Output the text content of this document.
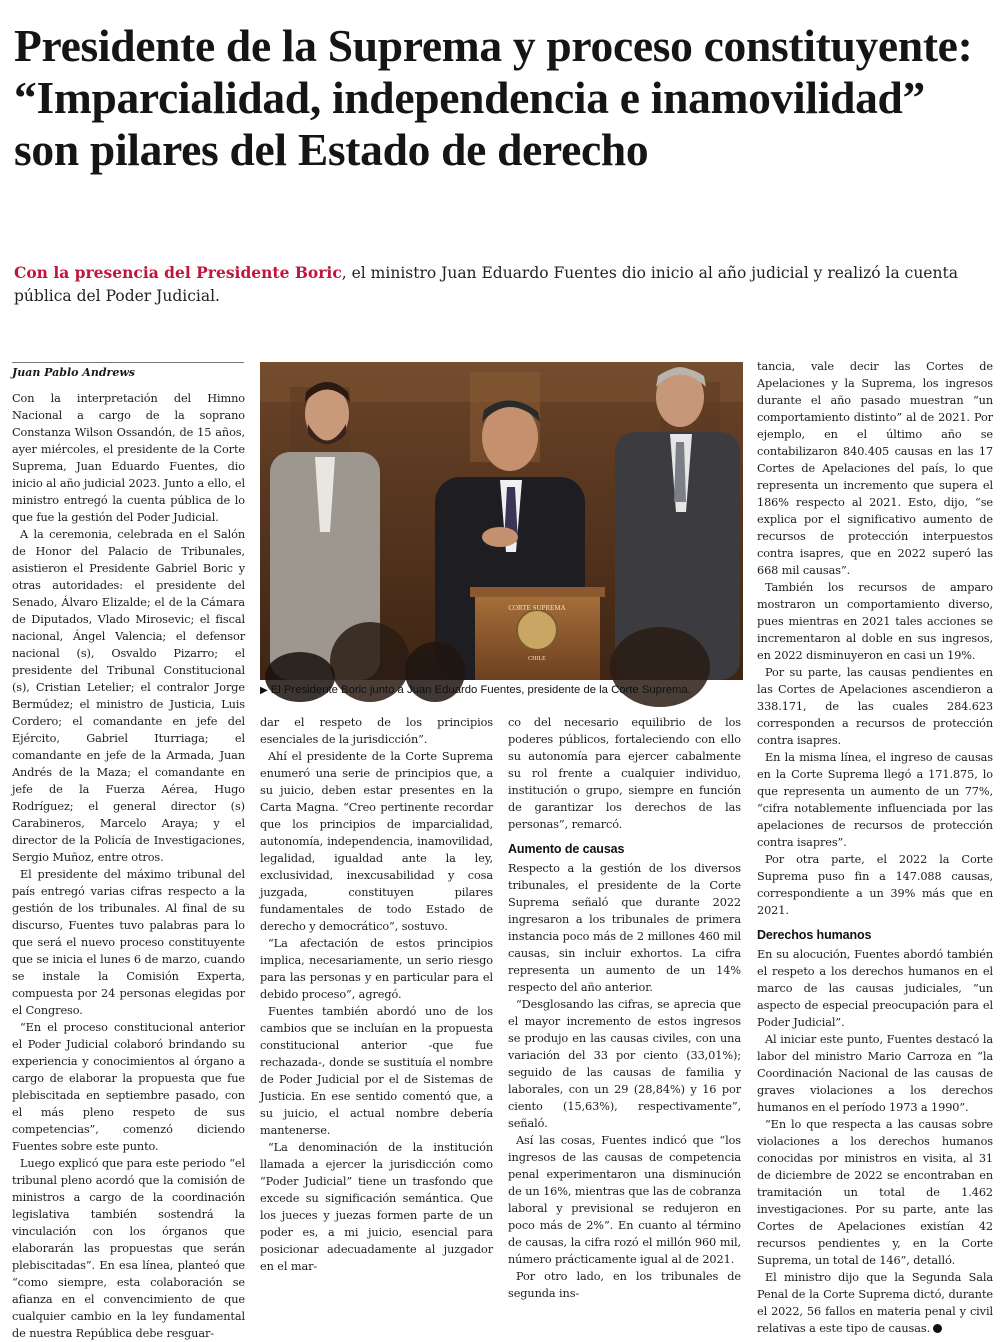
Presidente de la Suprema y proceso constituyente: “Imparcialidad, independencia e inamovilidad” son pilares del Estado de derecho

Con la presencia del Presidente Boric, el ministro Juan Eduardo Fuentes dio inicio al año judicial y realizó la cuenta pública del Poder Judicial.

Juan Pablo Andrews

Con la interpretación del Himno Nacional a cargo de la soprano Constanza Wilson Ossandón, de 15 años, ayer miércoles, el presidente de la Corte Suprema, Juan Eduardo Fuentes, dio inicio al año judicial 2023. Junto a ello, el ministro entregó la cuenta pública de lo que fue la gestión del Poder Judicial.

A la ceremonia, celebrada en el Salón de Honor del Palacio de Tribunales, asistieron el Presidente Gabriel Boric y otras autoridades: el presidente del Senado, Álvaro Elizalde; el de la Cámara de Diputados, Vlado Mirosevic; el fiscal nacional, Ángel Valencia; el defensor nacional (s), Osvaldo Pizarro; el presidente del Tribunal Constitucional (s), Cristian Letelier; el contralor Jorge Bermúdez; el ministro de Justicia, Luis Cordero; el comandante en jefe del Ejército, Gabriel Iturriaga; el comandante en jefe de la Armada, Juan Andrés de la Maza; el comandante en jefe de la Fuerza Aérea, Hugo Rodríguez; el general director (s) Carabineros, Marcelo Araya; y el director de la Policía de Investigaciones, Sergio Muñoz, entre otros.

El presidente del máximo tribunal del país entregó varias cifras respecto a la gestión de los tribunales. Al final de su discurso, Fuentes tuvo palabras para lo que será el nuevo proceso constituyente que se inicia el lunes 6 de marzo, cuando se instale la Comisión Experta, compuesta por 24 personas elegidas por el Congreso.

“En el proceso constitucional anterior el Poder Judicial colaboró brindando su experiencia y conocimientos al órgano a cargo de elaborar la propuesta que fue plebiscitada en septiembre pasado, con el más pleno respeto de sus competencias”, comenzó diciendo Fuentes sobre este punto.

Luego explicó que para este periodo “el tribunal pleno acordó que la comisión de ministros a cargo de la coordinación legislativa también sostendrá la vinculación con los órganos que elaborarán las propuestas que serán plebiscitadas”. En esa línea, planteó que “como siempre, esta colaboración se afianza en el convencimiento de que cualquier cambio en la ley fundamental de nuestra República debe resguar-

CORTE SUPREMA
CHILE
▶ El Presidente Boric junto a Juan Eduardo Fuentes, presidente de la Corte Suprema.

dar el respeto de los principios esenciales de la jurisdicción”.

Ahí el presidente de la Corte Suprema enumeró una serie de principios que, a su juicio, deben estar presentes en la Carta Magna. “Creo pertinente recordar que los principios de imparcialidad, autonomía, independencia, inamovilidad, legalidad, igualdad ante la ley, exclusividad, inexcusabilidad y cosa juzgada, constituyen pilares fundamentales de todo Estado de derecho y democrático”, sostuvo.

“La afectación de estos principios implica, necesariamente, un serio riesgo para las personas y en particular para el debido proceso”, agregó.

Fuentes también abordó uno de los cambios que se incluían en la propuesta constitucional anterior -que fue rechazada-, donde se sustituía el nombre de Poder Judicial por el de Sistemas de Justicia. En ese sentido comentó que, a su juicio, el actual nombre debería mantenerse.

“La denominación de la institución llamada a ejercer la jurisdicción como “Poder Judicial” tiene un trasfondo que excede su significación semántica. Que los jueces y juezas formen parte de un poder es, a mi juicio, esencial para posicionar adecuadamente al juzgador en el mar-

co del necesario equilibrio de los poderes públicos, fortaleciendo con ello su autonomía para ejercer cabalmente su rol frente a cualquier individuo, institución o grupo, siempre en función de garantizar los derechos de las personas”, remarcó.

Aumento de causas

Respecto a la gestión de los diversos tribunales, el presidente de la Corte Suprema señaló que durante 2022 ingresaron a los tribunales de primera instancia poco más de 2 millones 460 mil causas, sin incluir exhortos. La cifra representa un aumento de un 14% respecto del año anterior.

“Desglosando las cifras, se aprecia que el mayor incremento de estos ingresos se produjo en las causas civiles, con una variación del 33 por ciento (33,01%); seguido de las causas de familia y laborales, con un 29 (28,84%) y 16 por ciento (15,63%), respectivamente”, señaló.

Así las cosas, Fuentes indicó que “los ingresos de las causas de competencia penal experimentaron una disminución de un 16%, mientras que las de cobranza laboral y previsional se redujeron en poco más de 2%”. En cuanto al término de causas, la cifra rozó el millón 960 mil, número prácticamente igual al de 2021.

Por otro lado, en los tribunales de segunda ins-

tancia, vale decir las Cortes de Apelaciones y la Suprema, los ingresos durante el año pasado muestran “un comportamiento distinto” al de 2021. Por ejemplo, en el último año se contabilizaron 840.405 causas en las 17 Cortes de Apelaciones del país, lo que representa un incremento que supera el 186% respecto al 2021. Esto, dijo, “se explica por el significativo aumento de recursos de protección interpuestos contra isapres, que en 2022 superó las 668 mil causas”.

También los recursos de amparo mostraron un comportamiento diverso, pues mientras en 2021 tales acciones se incrementaron al doble en sus ingresos, en 2022 disminuyeron en casi un 19%.

Por su parte, las causas pendientes en las Cortes de Apelaciones ascendieron a 338.171, de las cuales 284.623 corresponden a recursos de protección contra isapres.

En la misma línea, el ingreso de causas en la Corte Suprema llegó a 171.875, lo que representa un aumento de un 77%, “cifra notablemente influenciada por las apelaciones de recursos de protección contra isapres”.

Por otra parte, el 2022 la Corte Suprema puso fin a 147.088 causas, correspondiente a un 39% más que en 2021.

Derechos humanos

En su alocución, Fuentes abordó también el respeto a los derechos humanos en el marco de las causas judiciales, “un aspecto de especial preocupación para el Poder Judicial”.

Al iniciar este punto, Fuentes destacó la labor del ministro Mario Carroza en “la Coordinación Nacional de las causas de graves violaciones a los derechos humanos en el período 1973 a 1990”.

“En lo que respecta a las causas sobre violaciones a los derechos humanos conocidas por ministros en visita, al 31 de diciembre de 2022 se encontraban en tramitación un total de 1.462 investigaciones. Por su parte, ante las Cortes de Apelaciones existían 42 recursos pendientes y, en la Corte Suprema, un total de 146”, detalló.

El ministro dijo que la Segunda Sala Penal de la Corte Suprema dictó, durante el 2022, 56 fallos en materia penal y civil relativas a este tipo de causas.
